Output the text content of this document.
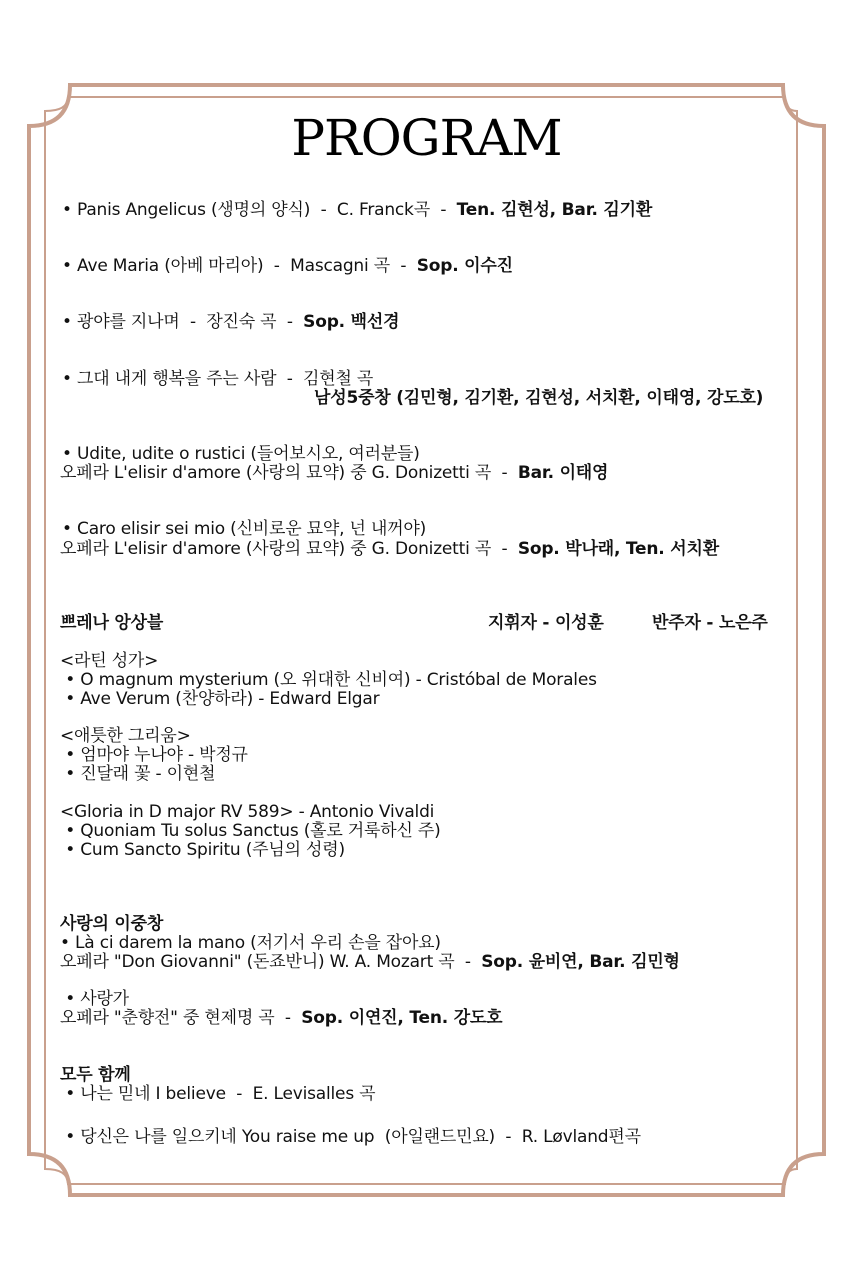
PROGRAM
• Panis Angelicus (생명의 양식)  -  C. Franck곡  -  Ten. 김현성, Bar. 김기환
• Ave Maria (아베 마리아)  -  Mascagni 곡  -  Sop. 이수진
• 광야를 지나며  -  장진숙 곡  -  Sop. 백선경
• 그대 내게 행복을 주는 사람  -  김현철 곡
남성5중창 (김민형, 김기환, 김현성, 서치환, 이태영, 강도호)
• Udite, udite o rustici (들어보시오, 여러분들)
오페라 L'elisir d'amore (사랑의 묘약) 중 G. Donizetti 곡  -  Bar. 이태영
• Caro elisir sei mio (신비로운 묘약, 넌 내꺼야)
오페라 L'elisir d'amore (사랑의 묘약) 중 G. Donizetti 곡  -  Sop. 박나래, Ten. 서치환
쁘레나 앙상블	지휘자 - 이성훈	반주자 - 노은주
<라틴 성가>
• O magnum mysterium (오 위대한 신비여) - Cristóbal de Morales
• Ave Verum (찬양하라) - Edward Elgar
<애틋한 그리움>
• 엄마야 누나야 - 박정규
• 진달래 꽃 - 이현철
<Gloria in D major RV 589> - Antonio Vivaldi
• Quoniam Tu solus Sanctus (홀로 거룩하신 주)
• Cum Sancto Spiritu (주님의 성령)
사랑의 이중창
• Là ci darem la mano (저기서 우리 손을 잡아요)
오페라 "Don Giovanni" (돈죠반니) W. A. Mozart 곡  -  Sop. 윤비연, Bar. 김민형
• 사랑가
오페라 "춘향전" 중 현제명 곡  -  Sop. 이연진, Ten. 강도호
모두 함께
• 나는 믿네 I believe  -  E. Levisalles 곡
• 당신은 나를 일으키네 You raise me up  (아일랜드민요)  -  R. Løvland편곡
